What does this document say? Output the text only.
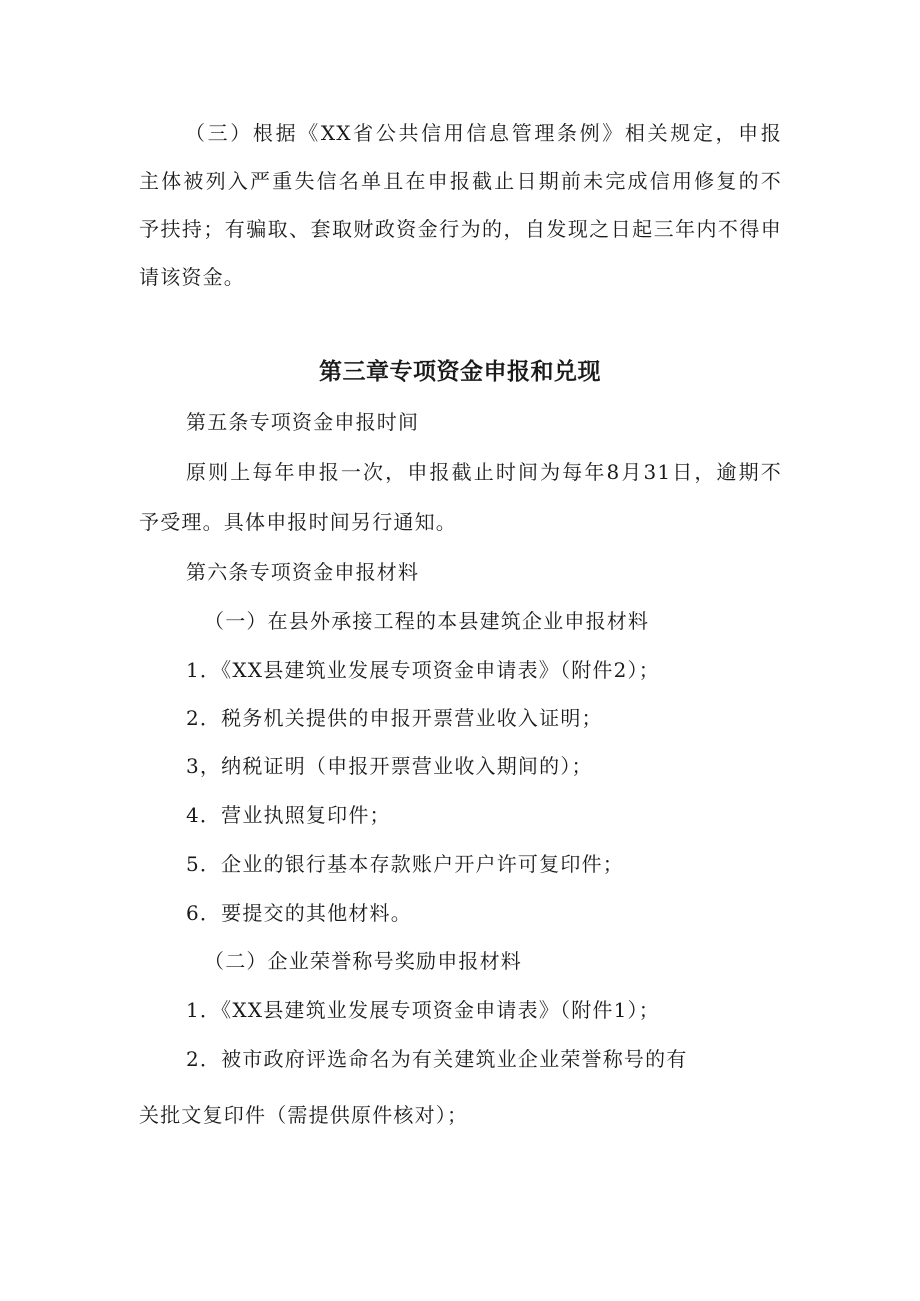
（三）根据《XX省公共信用信息管理条例》相关规定，申报

主体被列入严重失信名单且在申报截止日期前未完成信用修复的不

予扶持；有骗取、套取财政资金行为的，自发现之日起三年内不得申

请该资金。

第三章专项资金申报和兑现

第五条专项资金申报时间

原则上每年申报一次，申报截止时间为每年8月31日，逾期不

予受理。具体申报时间另行通知。

第六条专项资金申报材料

（一）在县外承接工程的本县建筑企业申报材料

1．《XX县建筑业发展专项资金申请表》（附件2）；

2．税务机关提供的申报开票营业收入证明；

3，纳税证明（申报开票营业收入期间的）；

4．营业执照复印件；

5．企业的银行基本存款账户开户许可复印件；

6．要提交的其他材料。

（二）企业荣誉称号奖励申报材料

1．《XX县建筑业发展专项资金申请表》（附件1）；

2．被市政府评选命名为有关建筑业企业荣誉称号的有

关批文复印件（需提供原件核对）；
